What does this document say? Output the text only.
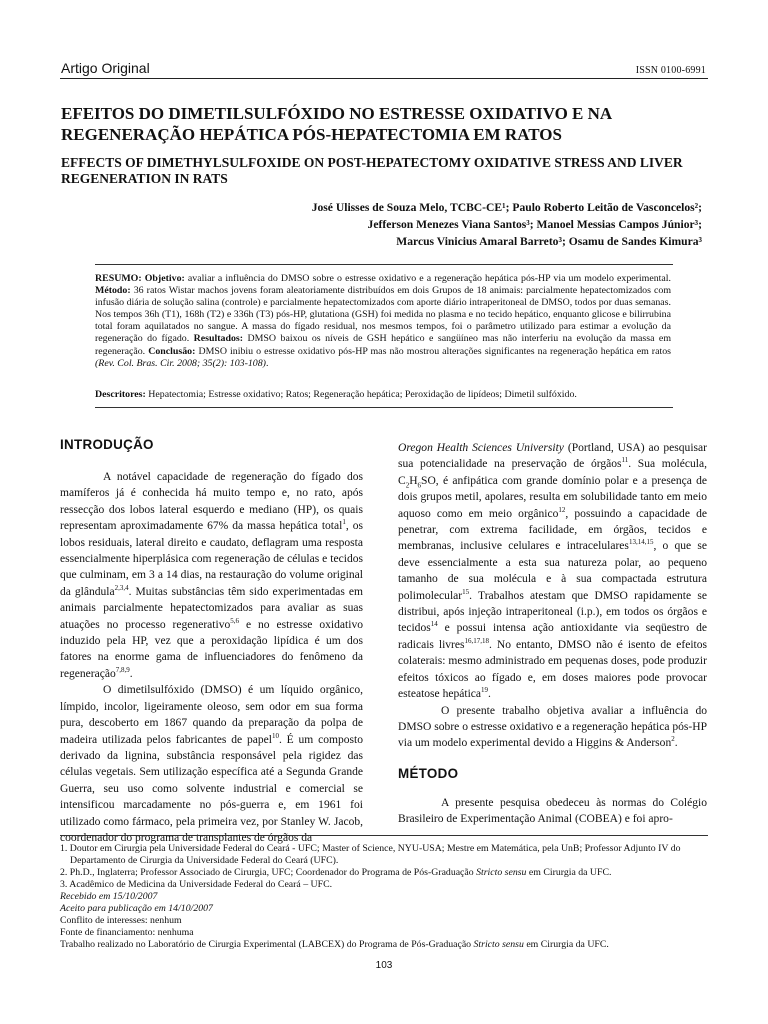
Artigo Original	ISSN 0100-6991
EFEITOS DO DIMETILSULFÓXIDO NO ESTRESSE OXIDATIVO E NA REGENERAÇÃO HEPÁTICA PÓS-HEPATECTOMIA EM RATOS
EFFECTS OF DIMETHYLSULFOXIDE ON POST-HEPATECTOMY OXIDATIVE STRESS AND LIVER REGENERATION IN RATS
José Ulisses de Souza Melo, TCBC-CE¹; Paulo Roberto Leitão de Vasconcelos²;
Jefferson Menezes Viana Santos³; Manoel Messias Campos Júnior³;
Marcus Vinicius Amaral Barreto³; Osamu de Sandes Kimura³
RESUMO: Objetivo: avaliar a influência do DMSO sobre o estresse oxidativo e a regeneração hepática pós-HP via um modelo experimental. Método: 36 ratos Wistar machos jovens foram aleatoriamente distribuídos em dois Grupos de 18 animais: parcialmente hepatectomizados com infusão diária de solução salina (controle) e parcialmente hepatectomizados com aporte diário intraperitoneal de DMSO, todos por duas semanas. Nos tempos 36h (T1), 168h (T2) e 336h (T3) pós-HP, glutationa (GSH) foi medida no plasma e no tecido hepático, enquanto glicose e bilirrubina total foram aquilatados no sangue. A massa do fígado residual, nos mesmos tempos, foi o parâmetro utilizado para estimar a evolução da regeneração do fígado. Resultados: DMSO baixou os níveis de GSH hepático e sangüíneo mas não interferiu na evolução da massa em regeneração. Conclusão: DMSO inibiu o estresse oxidativo pós-HP mas não mostrou alterações significantes na regeneração hepática em ratos (Rev. Col. Bras. Cir. 2008; 35(2): 103-108).
Descritores: Hepatectomia; Estresse oxidativo; Ratos; Regeneração hepática; Peroxidação de lipídeos; Dimetil sulfóxido.
INTRODUÇÃO

A notável capacidade de regeneração do fígado dos mamíferos já é conhecida há muito tempo e, no rato, após ressecção dos lobos lateral esquerdo e mediano (HP), os quais representam aproximadamente 67% da massa hepática total$^1$, os lobos residuais, lateral direito e caudato, deflagram uma resposta essencialmente hiperplásica com regeneração de células e tecidos que culminam, em 3 a 14 dias, na restauração do volume original da glândula$^{2,3,4}$. Muitas substâncias têm sido experimentadas em animais parcialmente hepatectomizados para avaliar as suas atuações no processo regenerativo$^{5,6}$ e no estresse oxidativo induzido pela HP, vez que a peroxidação lipídica é um dos fatores na enorme gama de influenciadores do fenômeno da regeneração$^{7,8,9}$.

O dimetilsulfóxido (DMSO) é um líquido orgânico, límpido, incolor, ligeiramente oleoso, sem odor em sua forma pura, descoberto em 1867 quando da preparação da polpa de madeira utilizada pelos fabricantes de papel$^{10}$. É um composto derivado da lignina, substância responsável pela rigidez das células vegetais. Sem utilização específica até a Segunda Grande Guerra, seu uso como solvente industrial e comercial se intensificou marcadamente no pós-guerra e, em 1961 foi utilizado como fármaco, pela primeira vez, por Stanley W. Jacob, coordenador do programa de transplantes de órgãos da

Oregon Health Sciences University (Portland, USA) ao pesquisar sua potencialidade na preservação de órgãos$^{11}$. Sua molécula, $C_2H_6SO$, é anfipática com grande domínio polar e a presença de dois grupos metil, apolares, resulta em solubilidade tanto em meio aquoso como em meio orgânico$^{12}$, possuindo a capacidade de penetrar, com extrema facilidade, em órgãos, tecidos e membranas, inclusive celulares e intracelulares$^{13,14,15}$, o que se deve essencialmente a esta sua natureza polar, ao pequeno tamanho de sua molécula e à sua compactada estrutura polimolecular$^{15}$. Trabalhos atestam que DMSO rapidamente se distribui, após injeção intraperitoneal (i.p.), em todos os órgãos e tecidos$^{14}$ e possui intensa ação antioxidante via seqüestro de radicais livres$^{16,17,18}$. No entanto, DMSO não é isento de efeitos colaterais: mesmo administrado em pequenas doses, pode produzir efeitos tóxicos ao fígado e, em doses maiores pode provocar esteatose hepática$^{19}$.

O presente trabalho objetiva avaliar a influência do DMSO sobre o estresse oxidativo e a regeneração hepática pós-HP via um modelo experimental devido a Higgins & Anderson$^2$.

MÉTODO

A presente pesquisa obedeceu às normas do Colégio Brasileiro de Experimentação Animal (COBEA) e foi apro-

1. Doutor em Cirurgia pela Universidade Federal do Ceará - UFC; Master of Science, NYU-USA; Mestre em Matemática, pela UnB; Professor Adjunto IV do Departamento de Cirurgia da Universidade Federal do Ceará (UFC).
2. Ph.D., Inglaterra; Professor Associado de Cirurgia, UFC; Coordenador do Programa de Pós-Graduação Stricto sensu em Cirurgia da UFC.
3. Acadêmico de Medicina da Universidade Federal do Ceará – UFC.
Recebido em 15/10/2007
Aceito para publicação em 14/10/2007
Conflito de interesses: nenhum
Fonte de financiamento: nenhuma
Trabalho realizado no Laboratório de Cirurgia Experimental (LABCEX) do Programa de Pós-Graduação Stricto sensu em Cirurgia da UFC.
103
